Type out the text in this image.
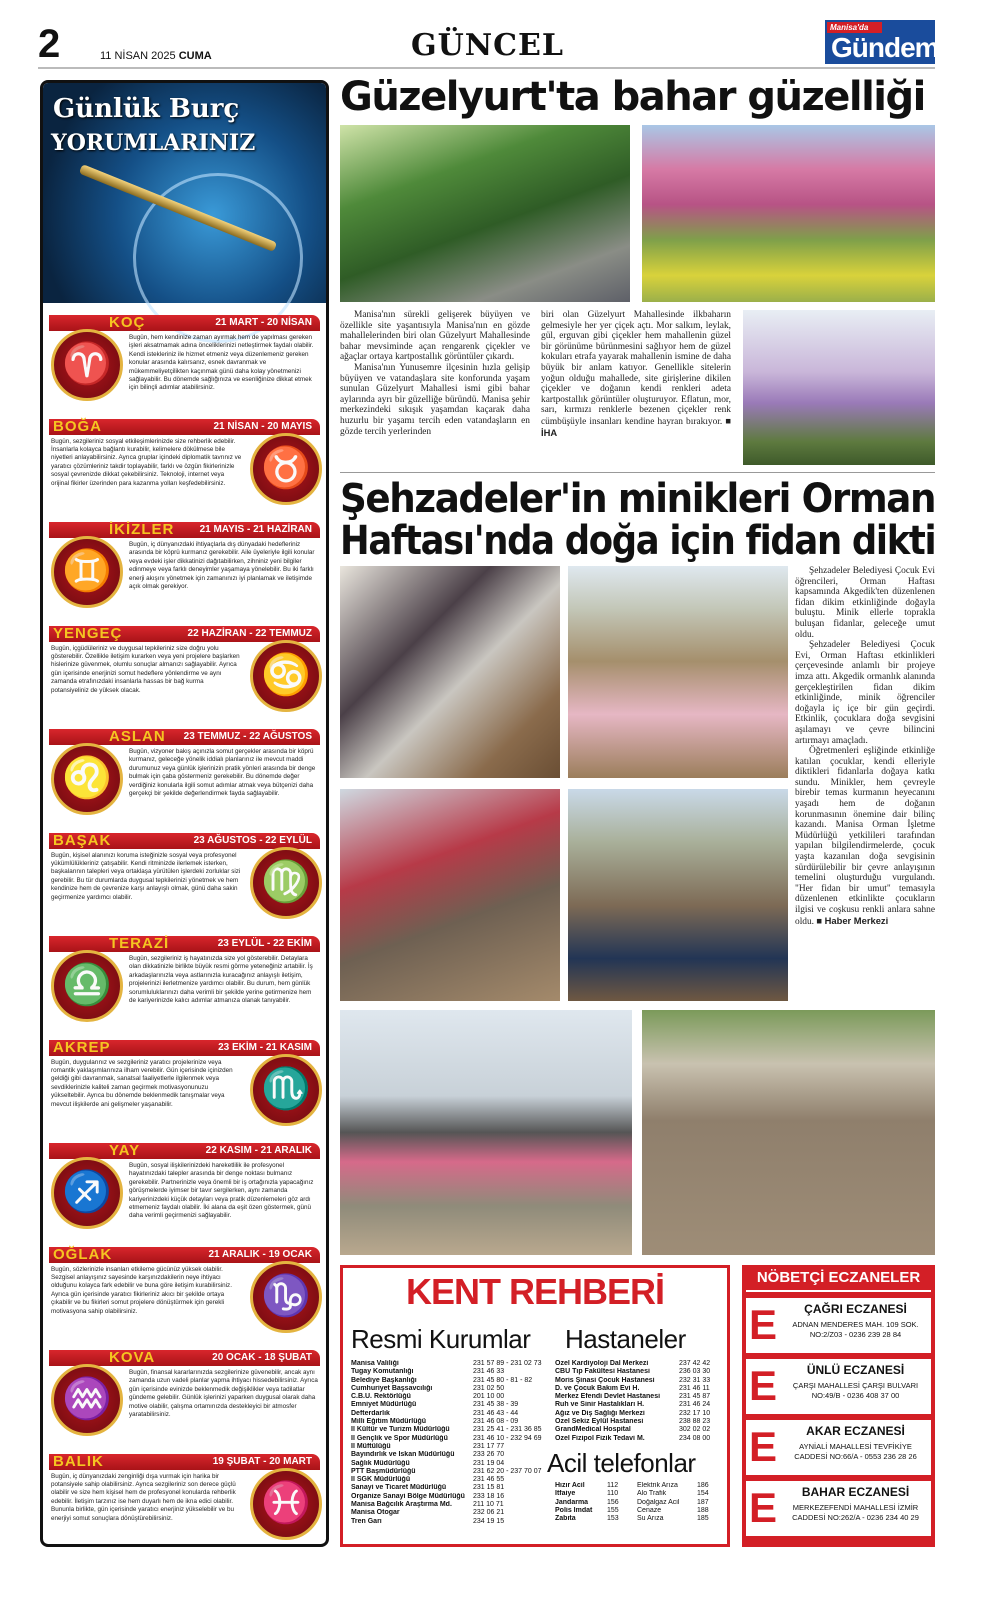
2	11 NİSAN 2025 CUMA	GÜNCEL
Manisa'da
Gündem
Günlük Burç
YORUMLARINIZ
KOÇ	21 MART - 20 NİSAN
♈
Bugün, hem kendinize zaman ayırmak hem de yapılması gereken işleri aksatmamak adına önceliklerinizi netleştirmek faydalı olabilir. Kendi istekleriniz ile hizmet etmeniz veya düzenlemeniz gereken konular arasında kalırsanız, esnek davranmak ve mükemmeliyetçilikten kaçınmak günü daha kolay yönetmenizi sağlayabilir. Bu dönemde sağlığınıza ve esenliğinize dikkat etmek için bilinçli adımlar atabilirsiniz.
BOĞA	21 NİSAN - 20 MAYIS
♉
Bugün, sezgileriniz sosyal etkileşimlerinizde size rehberlik edebilir. İnsanlarla kolayca bağlantı kurabilir, kelimelere dökülmese bile niyetleri anlayabilirsiniz. Ayrıca gruplar içindeki diplomatik tavrınız ve yaratıcı çözümleriniz takdir toplayabilir, farklı ve özgün fikirlerinizle sosyal çevrenizde dikkat çekebilirsiniz. Teknoloji, internet veya orijinal fikirler üzerinden para kazanma yolları keşfedebilirsiniz.
İKİZLER	21 MAYIS - 21 HAZİRAN
♊
Bugün, iç dünyanızdaki ihtiyaçlarla dış dünyadaki hedefleriniz arasında bir köprü kurmanız gerekebilir. Aile üyeleriyle ilgili konular veya evdeki işler dikkatinizi dağıtabilirken, zihniniz yeni bilgiler edinmeye veya farklı deneyimler yaşamaya yönelebilir. Bu iki farklı enerji akışını yönetmek için zamanınızı iyi planlamak ve iletişimde açık olmak gerekiyor.
YENGEÇ	22 HAZİRAN - 22 TEMMUZ
♋
Bugün, içgüdüleriniz ve duygusal tepkileriniz size doğru yolu gösterebilir. Özellikle iletişim kurarken veya yeni projelere başlarken hislerinize güvenmek, olumlu sonuçlar almanızı sağlayabilir. Ayrıca gün içerisinde enerjinizi somut hedeflere yönlendirme ve aynı zamanda etrafınızdaki insanlarla hassas bir bağ kurma potansiyeliniz de yüksek olacak.
ASLAN 23 TEMMUZ - 22 AĞUSTOS
♌
Bugün, vizyoner bakış açınızla somut gerçekler arasında bir köprü kurmanız, geleceğe yönelik iddialı planlarınız ile mevcut maddi durumunuz veya günlük işlerinizin pratik yönleri arasında bir denge bulmak için çaba göstermeniz gerekebilir. Bu dönemde değer verdiğiniz konularla ilgili somut adımlar atmak veya bütçenizi daha gerçekçi bir şekilde değerlendirmek fayda sağlayabilir.
BAŞAK	23 AĞUSTOS - 22 EYLÜL
♍
Bugün, kişisel alanınızı koruma isteğinizle sosyal veya profesyonel yükümlülükleriniz çatışabilir. Kendi ritminizde ilerlemek isterken, başkalarının talepleri veya ortaklaşa yürütülen işlerdeki zorluklar sizi gerebilir. Bu tür durumlarda duygusal tepkilerinizi yönetmek ve hem kendinize hem de çevrenize karşı anlayışlı olmak, günü daha sakin geçirmenize yardımcı olabilir.
TERAZİ	23 EYLÜL - 22 EKİM
♎
Bugün, sezgileriniz iş hayatınızda size yol gösterebilir. Detaylara olan dikkatinizle birlikte büyük resmi görme yeteneğiniz artabilir. İş arkadaşlarınızla veya astlarınızla kuracağınız anlayışlı iletişim, projelerinizi ilerletmenize yardımcı olabilir. Bu durum, hem günlük sorumluluklarınızı daha verimli bir şekilde yerine getirmenize hem de kariyerinizde kalıcı adımlar atmanıza olanak tanıyabilir.
AKREP	23 EKİM - 21 KASIM
♏
Bugün, duygularınız ve sezgileriniz yaratıcı projelerinize veya romantik yaklaşımlarınıza ilham verebilir. Gün içerisinde içinizden geldiği gibi davranmak, sanatsal faaliyetlerle ilgilenmek veya sevdiklerinizle kaliteli zaman geçirmek motivasyonunuzu yükseltebilir. Ayrıca bu dönemde beklenmedik tanışmalar veya mevcut ilişkilerde ani gelişmeler yaşanabilir.
YAY	22 KASIM - 21 ARALIK
♐
Bugün, sosyal ilişkilerinizdeki hareketlilik ile profesyonel hayatınızdaki talepler arasında bir denge noktası bulmanız gerekebilir. Partnerinizle veya önemli bir iş ortağınızla yapacağınız görüşmelerde iyimser bir tavır sergilerken, aynı zamanda kariyerinizdeki küçük detayları veya pratik düzenlemeleri göz ardı etmemeniz faydalı olabilir. İki alana da eşit özen göstermek, günü daha verimli geçirmenizi sağlayabilir.
OĞLAK	21 ARALIK - 19 OCAK
♑
Bugün, sözlerinizle insanları etkileme gücünüz yüksek olabilir. Sezgisel anlayışınız sayesinde karşınızdakilerin neye ihtiyacı olduğunu kolayca fark edebilir ve buna göre iletişim kurabilirsiniz. Ayrıca gün içerisinde yaratıcı fikirleriniz akıcı bir şekilde ortaya çıkabilir ve bu fikirleri somut projelere dönüştürmek için gerekli motivasyona sahip olabilirsiniz.
KOVA	20 OCAK - 18 ŞUBAT
♒
Bugün, finansal kararlarınızda sezgilerinize güvenebilir, ancak aynı zamanda uzun vadeli planlar yapma ihtiyacı hissedebilirsiniz. Ayrıca gün içerisinde evinizde beklenmedik değişiklikler veya tadilatlar gündeme gelebilir. Günlük işlerinizi yaparken duygusal olarak daha motive olabilir, çalışma ortamınızda destekleyici bir atmosfer yaratabilirsiniz.
BALIK	19 ŞUBAT - 20 MART
♓
Bugün, iç dünyanızdaki zenginliği dışa vurmak için harika bir potansiyele sahip olabilirsiniz. Ayrıca sezgileriniz son derece güçlü olabilir ve size hem kişisel hem de profesyonel konularda rehberlik edebilir. İletişim tarzınız ise hem duyarlı hem de ikna edici olabilir. Bununla birlikte, gün içerisinde yaratıcı enerjiniz yükselebilir ve bu enerjiyi somut sonuçlara dönüştürebilirsiniz.
Güzelyurt'ta bahar güzelliği

Manisa'nın sürekli gelişerek büyüyen ve özellikle site yaşantısıyla Manisa'nın en gözde mahallelerinden biri olan Güzelyurt Mahallesinde bahar mevsiminde açan rengarenk çiçekler ve ağaçlar ortaya kartpostallık görüntüler çıkardı.

Manisa'nın Yunusemre ilçesinin hızla gelişip büyüyen ve vatandaşlara site konforunda yaşam sunulan Güzelyurt Mahallesi ismi gibi bahar aylarında ayrı bir güzelliğe büründü. Manisa şehir merkezindeki sıkışık yaşamdan kaçarak daha huzurlu bir yaşamı tercih eden vatandaşların en gözde tercih yerlerinden

biri olan Güzelyurt Mahallesinde ilkbaharın gelmesiyle her yer çiçek açtı. Mor salkım, leylak, gül, erguvan gibi çiçekler hem mahallenin güzel bir görünüme bürünmesini sağlıyor hem de güzel kokuları etrafa yayarak mahallenin ismine de daha büyük bir anlam katıyor. Genellikle sitelerin yoğun olduğu mahallede, site girişlerine dikilen çiçekler ve doğanın kendi renkleri adeta kartpostallık görüntüler oluşturuyor. Eflatun, mor, sarı, kırmızı renklerle bezenen çiçekler renk cümbüşüyle insanları kendine hayran bırakıyor. ■ İHA
Şehzadeler'in minikleri Orman
Haftası'nda doğa için fidan dikti

Şehzadeler Belediyesi Çocuk Evi öğrencileri, Orman Haftası kapsamında Akgedik'ten düzenlenen fidan dikim etkinliğinde doğayla buluştu. Minik ellerle toprakla buluşan fidanlar, geleceğe umut oldu.

Şehzadeler Belediyesi Çocuk Evi, Orman Haftası etkinlikleri çerçevesinde anlamlı bir projeye imza attı. Akgedik ormanlık alanında gerçekleştirilen fidan dikim etkinliğinde, minik öğrenciler doğayla iç içe bir gün geçirdi. Etkinlik, çocuklara doğa sevgisini aşılamayı ve çevre bilincini artırmayı amaçladı.

Öğretmenleri eşliğinde etkinliğe katılan çocuklar, kendi elleriyle diktikleri fidanlarla doğaya katkı sundu. Minikler, hem çevreyle birebir temas kurmanın heyecanını yaşadı hem de doğanın korunmasının önemine dair bilinç kazandı. Manisa Orman İşletme Müdürlüğü yetkilileri tarafından yapılan bilgilendirmelerde, çocuk yaşta kazanılan doğa sevgisinin sürdürülebilir bir çevre anlayışının temelini oluşturduğu vurgulandı. "Her fidan bir umut" temasıyla düzenlenen etkinlikte çocukların ilgisi ve coşkusu renkli anlara sahne oldu. ■ Haber Merkezi

KENT REHBERİ
Resmi Kurumlar Hastaneler
Acil telefonlar
Manisa Valiliği	231 57 89 - 231 02 73
Tugay Komutanlığı	231 46 33
Belediye Başkanlığı	231 45 80 - 81 - 82
Cumhuriyet Başsavcılığı	231 02 50
C.B.Ü. Rektörlüğü	201 10 00
Emniyet Müdürlüğü	231 45 38 - 39
Defterdarlık	231 46 43 - 44
Milli Eğitim Müdürlüğü	231 46 08 - 09
İl Kültür ve Turizm Müdürlüğü	231 25 41 - 231 36 85
İl Gençlik ve Spor Müdürlüğü	231 46 10 - 232 94 69
İl Müftülüğü	231 17 77
Bayındırlık ve İskan Müdürlüğü	233 26 70
Sağlık Müdürlüğü	231 19 04
PTT Başmüdürlüğü	231 62 20 - 237 70 07
İl SGK Müdürlüğü	231 46 55
Sanayi ve Ticaret Müdürlüğü	231 15 81
Organize Sanayi Bölge Müdürlüğü	233 18 16
Manisa Bağcılık Araştırma Md.	211 10 71
Manisa Otogar	232 06 21
Tren Garı	234 19 15
Özel Kardiyoloji Dal Merkezi	237 42 42
CBÜ Tıp Fakültesi Hastanesi	236 03 30
Moris Şinasi Çocuk Hastanesi	232 31 33
D. ve Çocuk Bakım Evi H.	231 46 11
Merkez Efendi Devlet Hastanesi	231 45 87
Ruh ve Sinir Hastalıkları H.	231 46 24
Ağız ve Diş Sağlığı Merkezi	232 17 10
Özel Sekiz Eylül Hastanesi	238 88 23
GrandMedical Hospital	302 02 02
Özel Fizipol Fizik Tedavi M.	234 08 00
Hızır Acil	112	Elektrik Arıza	186
İtfaiye	110	Alo Trafik	154
Jandarma	156	Doğalgaz Acil	187
Polis İmdat	155	Cenaze	188
Zabıta	153	Su Arıza	185
NÖBETÇİ ECZANELER
E	ÇAĞRI ECZANESİ
ADNAN MENDERES MAH. 109 SOK. NO:2/Z03 - 0236 239 28 84
E	ÜNLÜ ECZANESİ
ÇARŞI MAHALLESİ ÇARŞI BULVARI NO:49/B - 0236 408 37 00
E	AKAR ECZANESİ
AYNİALİ MAHALLESİ TEVFİKİYE CADDESİ NO:66/A - 0553 236 28 26
E	BAHAR ECZANESİ
MERKEZEFENDİ MAHALLESİ İZMİR CADDESİ NO:262/A - 0236 234 40 29
